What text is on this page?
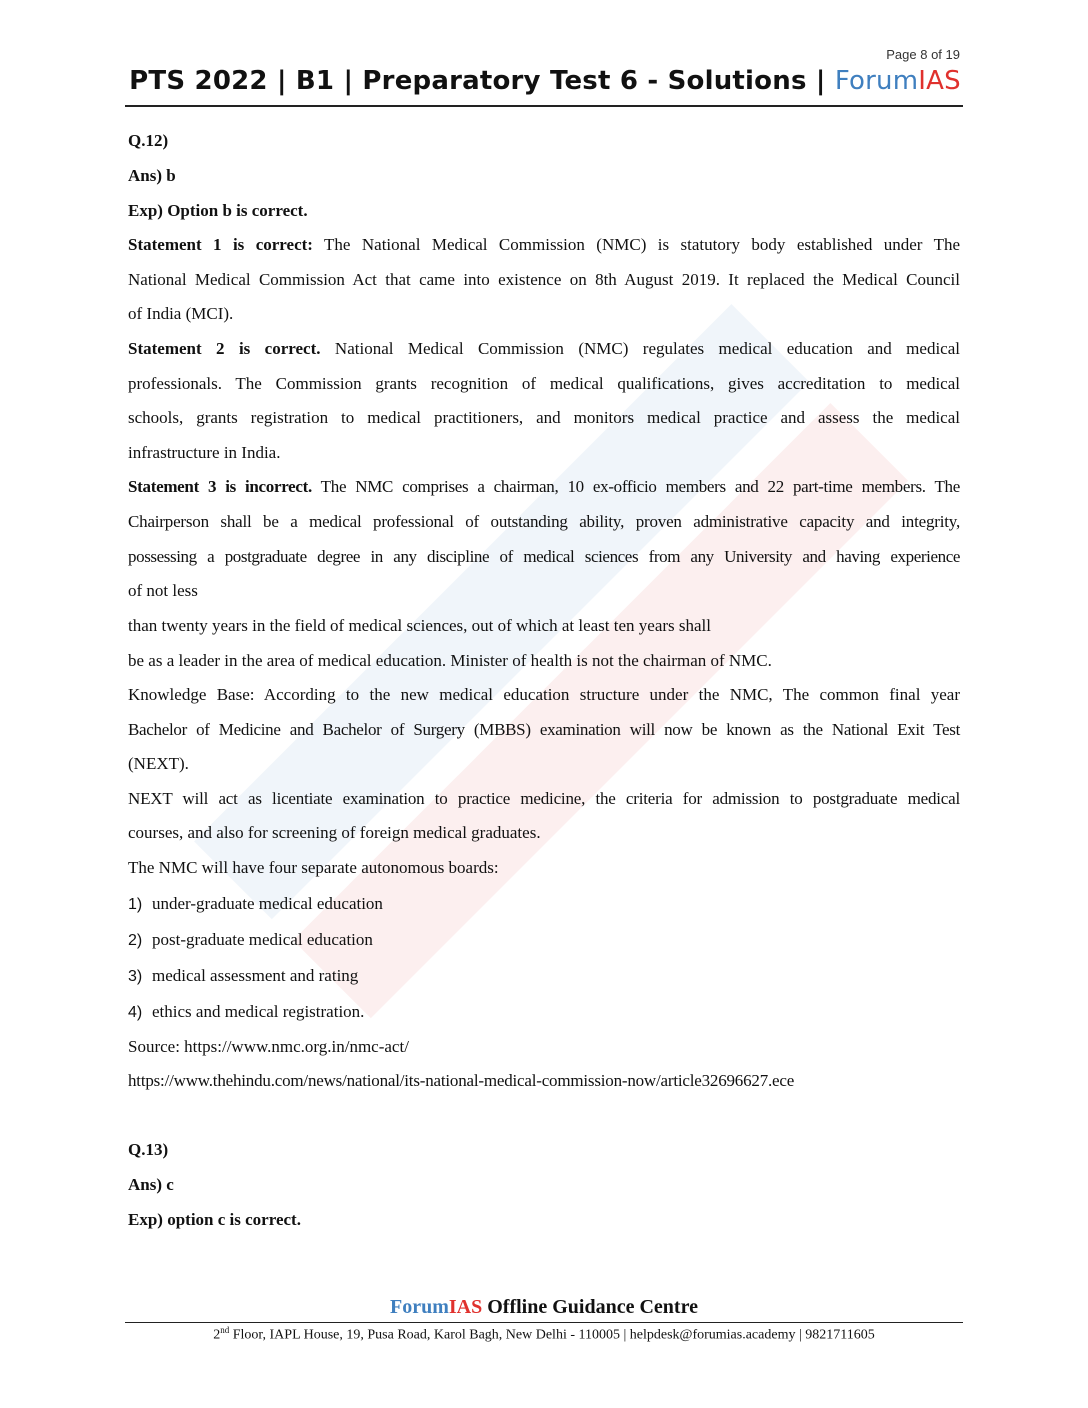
Page 8 of 19
PTS 2022 | B1 | Preparatory Test 6 - Solutions | ForumIAS
Q.12)
Ans) b
Exp) Option b is correct.
Statement 1 is correct: The National Medical Commission (NMC) is statutory body established under The
National Medical Commission Act that came into existence on 8th August 2019. It replaced the Medical Council
of India (MCI).
Statement 2 is correct. National Medical Commission (NMC) regulates medical education and medical
professionals. The Commission grants recognition of medical qualifications, gives accreditation to medical
schools, grants registration to medical practitioners, and monitors medical practice and assess the medical
infrastructure in India.
Statement 3 is incorrect. The NMC comprises a chairman, 10 ex-officio members and 22 part-time members. The
Chairperson shall be a medical professional of outstanding ability, proven administrative capacity and integrity,
possessing a postgraduate degree in any discipline of medical sciences from any University and having experience
of not less
than twenty years in the field of medical sciences, out of which at least ten years shall
be as a leader in the area of medical education. Minister of health is not the chairman of NMC.
Knowledge Base: According to the new medical education structure under the NMC, The common final year
Bachelor of Medicine and Bachelor of Surgery (MBBS) examination will now be known as the National Exit Test
(NEXT).
NEXT will act as licentiate examination to practice medicine, the criteria for admission to postgraduate medical
courses, and also for screening of foreign medical graduates.
The NMC will have four separate autonomous boards:
1) under-graduate medical education
2) post-graduate medical education
3) medical assessment and rating
4) ethics and medical registration.
Source: https://www.nmc.org.in/nmc-act/
https://www.thehindu.com/news/national/its-national-medical-commission-now/article32696627.ece
Q.13)
Ans) c
Exp) option c is correct.
ForumIAS Offline Guidance Centre
2nd Floor, IAPL House, 19, Pusa Road, Karol Bagh, New Delhi - 110005 | helpdesk@forumias.academy | 9821711605
